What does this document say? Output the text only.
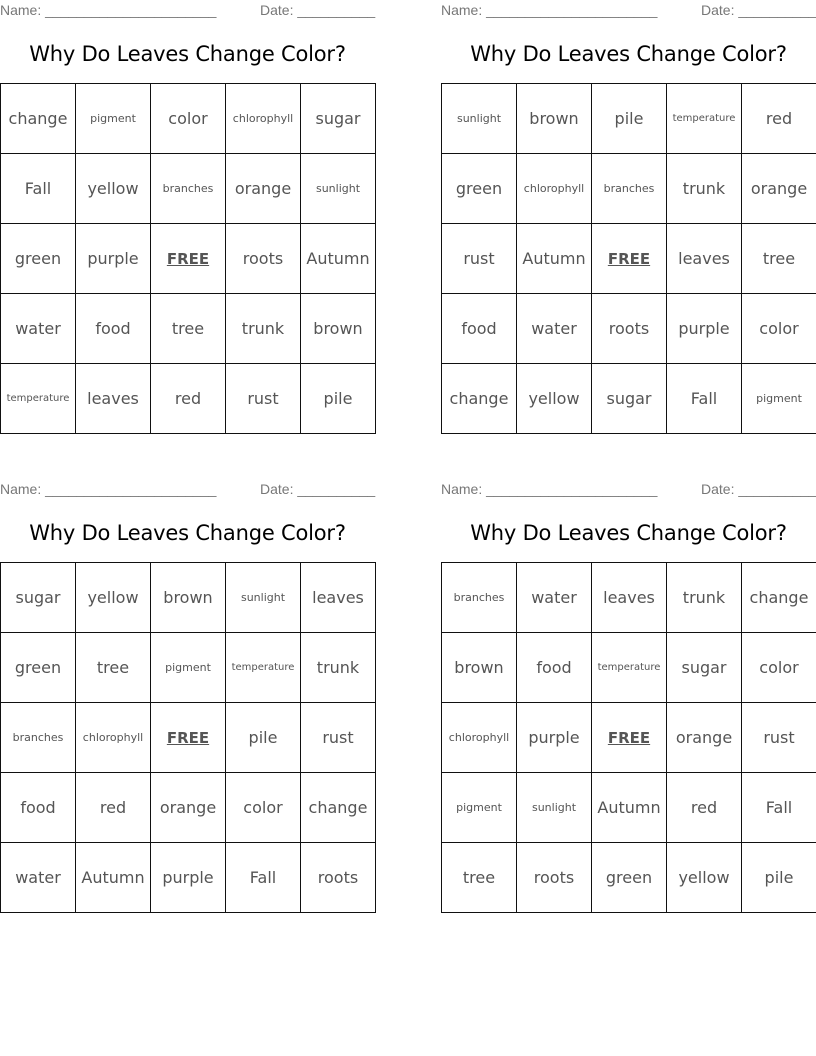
Name: ______________________	Date: __________
Why Do Leaves Change Color?
change	pigment	color	chlorophyll	sugar
Fall	yellow	branches	orange	sunlight
green	purple	FREE	roots	Autumn
water	food	tree	trunk	brown
temperature	leaves	red	rust	pile
Name: ______________________	Date: __________
Why Do Leaves Change Color?
sunlight	brown	pile	temperature	red
green	chlorophyll	branches	trunk	orange
rust	Autumn	FREE	leaves	tree
food	water	roots	purple	color
change	yellow	sugar	Fall	pigment
Name: ______________________	Date: __________
Why Do Leaves Change Color?
sugar	yellow	brown	sunlight	leaves
green	tree	pigment	temperature	trunk
branches	chlorophyll	FREE	pile	rust
food	red	orange	color	change
water	Autumn	purple	Fall	roots
Name: ______________________	Date: __________
Why Do Leaves Change Color?
branches	water	leaves	trunk	change
brown	food	temperature	sugar	color
chlorophyll	purple	FREE	orange	rust
pigment	sunlight	Autumn	red	Fall
tree	roots	green	yellow	pile
